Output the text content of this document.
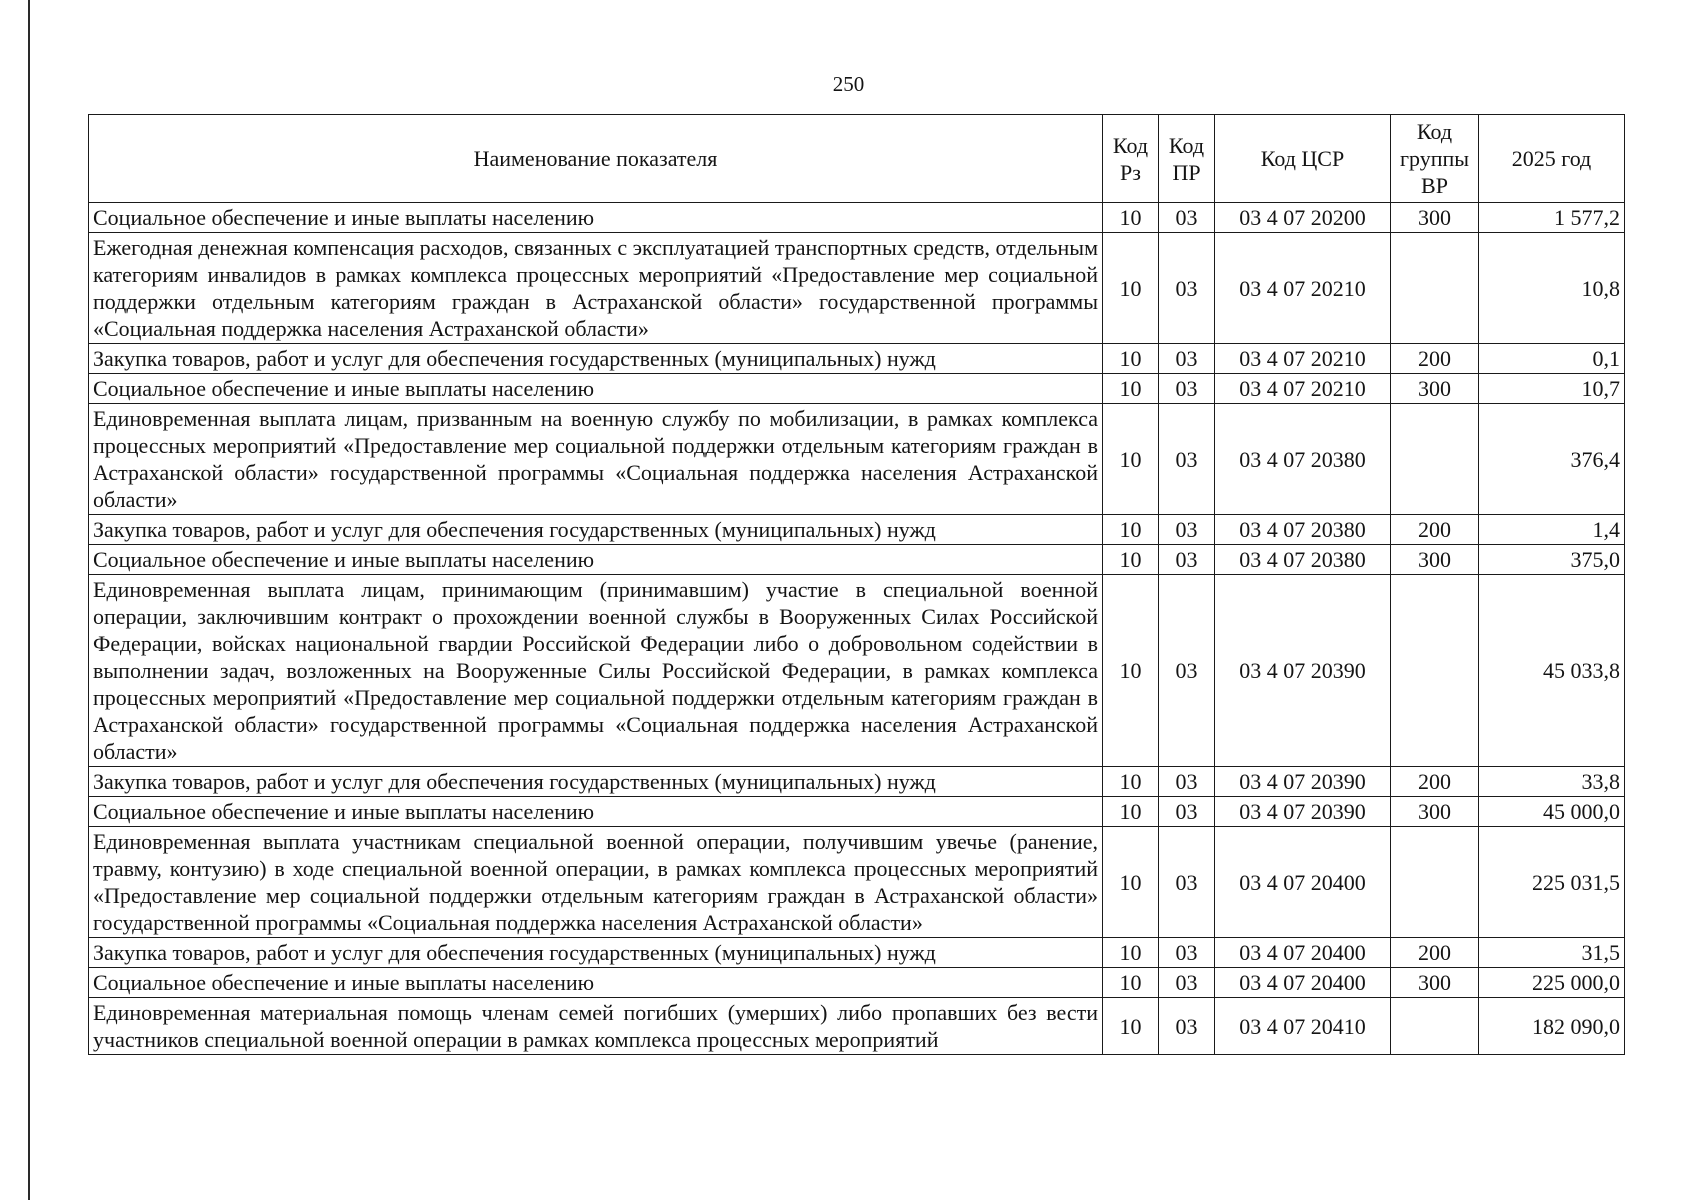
250
Наименование показателя	Код Рз	Код ПР	Код ЦСР	Код группы ВР	2025 год
Социальное обеспечение и иные выплаты населению	10	03	03 4 07 20200	300	1 577,2
Ежегодная денежная компенсация расходов, связанных с эксплуатацией транспортных средств, отдельным категориям инвалидов в рамках комплекса процессных мероприятий «Предоставление мер социальной поддержки отдельным категориям граждан в Астраханской области» государственной программы «Социальная поддержка населения Астраханской области»	10	03	03 4 07 20210		10,8
Закупка товаров, работ и услуг для обеспечения государственных (муниципальных) нужд	10	03	03 4 07 20210	200	0,1
Социальное обеспечение и иные выплаты населению	10	03	03 4 07 20210	300	10,7
Единовременная выплата лицам, призванным на военную службу по мобилизации, в рамках комплекса процессных мероприятий «Предоставление мер социальной поддержки отдельным категориям граждан в Астраханской области» государственной программы «Социальная поддержка населения Астраханской области»	10	03	03 4 07 20380		376,4
Закупка товаров, работ и услуг для обеспечения государственных (муниципальных) нужд	10	03	03 4 07 20380	200	1,4
Социальное обеспечение и иные выплаты населению	10	03	03 4 07 20380	300	375,0
Единовременная выплата лицам, принимающим (принимавшим) участие в специальной военной операции, заключившим контракт о прохождении военной службы в Вооруженных Силах Российской Федерации, войсках национальной гвардии Российской Федерации либо о добровольном содействии в выполнении задач, возложенных на Вооруженные Силы Российской Федерации, в рамках комплекса процессных мероприятий «Предоставление мер социальной поддержки отдельным категориям граждан в Астраханской области» государственной программы «Социальная поддержка населения Астраханской области»	10	03	03 4 07 20390		45 033,8
Закупка товаров, работ и услуг для обеспечения государственных (муниципальных) нужд	10	03	03 4 07 20390	200	33,8
Социальное обеспечение и иные выплаты населению	10	03	03 4 07 20390	300	45 000,0
Единовременная выплата участникам специальной военной операции, получившим увечье (ранение, травму, контузию) в ходе специальной военной операции, в рамках комплекса процессных мероприятий «Предоставление мер социальной поддержки отдельным категориям граждан в Астраханской области» государственной программы «Социальная поддержка населения Астраханской области»	10	03	03 4 07 20400		225 031,5
Закупка товаров, работ и услуг для обеспечения государственных (муниципальных) нужд	10	03	03 4 07 20400	200	31,5
Социальное обеспечение и иные выплаты населению	10	03	03 4 07 20400	300	225 000,0
Единовременная материальная помощь членам семей погибших (умерших) либо пропавших без вести участников специальной военной операции в рамках комплекса процессных мероприятий	10	03	03 4 07 20410		182 090,0
